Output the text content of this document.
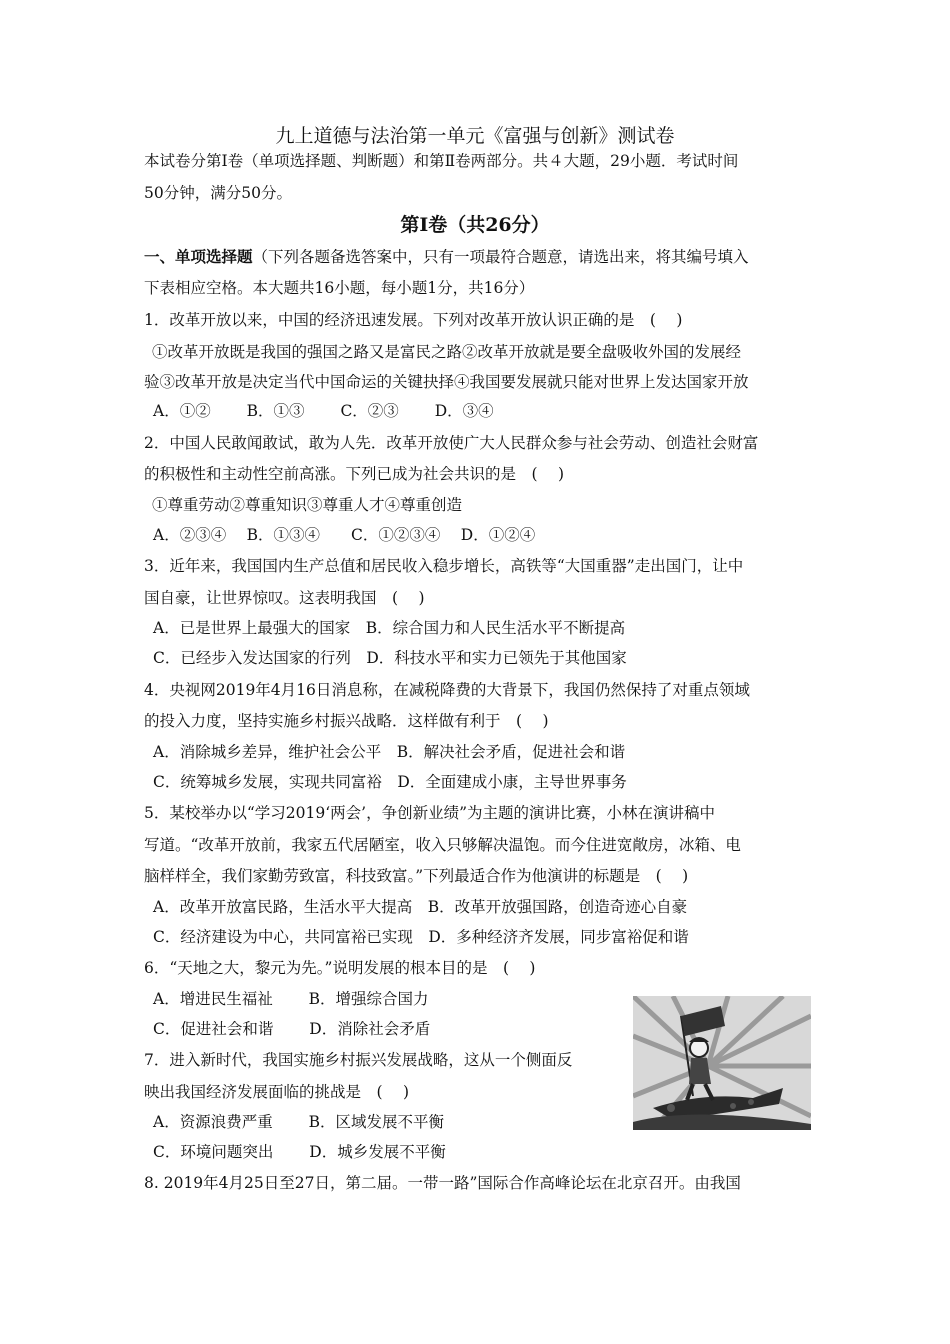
九上道德与法治第一单元《富强与创新》测试卷
本试卷分第Ⅰ卷（单项选择题、判断题）和第Ⅱ卷两部分。共４大题，29小题．考试时间
50分钟，满分50分。
第Ⅰ卷（共26分）
一、单项选择题（下列各题备选答案中，只有一项最符合题意，请选出来，将其编号填入
下表相应空格。本大题共16小题，每小题1分，共16分）
1．改革开放以来，中国的经济迅速发展。下列对改革开放认识正确的是　(　 )
①改革开放既是我国的强国之路又是富民之路②改革开放就是要全盘吸收外国的发展经
验③改革开放是决定当代中国命运的关键抉择④我国要发展就只能对世界上发达国家开放
A．①②　　 B．①③　　 C．②③　　 D．③④
2．中国人民敢闻敢试，敢为人先．改革开放使广大人民群众参与社会劳动、创造社会财富
的积极性和主动性空前高涨。下列已成为社会共识的是　(　 )
①尊重劳动②尊重知识③尊重人才④尊重创造
A．②③④　 B．①③④　　C．①②③④　 D．①②④
3．近年来，我国国内生产总值和居民收入稳步增长，高铁等“大国重器”走出国门，让中
国自豪，让世界惊叹。这表明我国　(　 )
A．已是世界上最强大的国家　B．综合国力和人民生活水平不断提高
C．已经步入发达国家的行列　D．科技水平和实力已领先于其他国家
4．央视网2019年4月16日消息称，在减税降费的大背景下，我国仍然保持了对重点领域
的投入力度，坚持实施乡村振兴战略．这样做有利于　(　 )
A．消除城乡差异，维护社会公平　B．解决社会矛盾，促进社会和谐
C．统筹城乡发展，实现共同富裕　D．全面建成小康，主导世界事务
5．某校举办以“学习2019‘两会’，争创新业绩”为主题的演讲比赛，小林在演讲稿中
写道。“改革开放前，我家五代居陋室，收入只够解决温饱。而今住进宽敞房，冰箱、电
脑样样全，我们家勤劳致富，科技致富。”下列最适合作为他演讲的标题是　(　 )
A．改革开放富民路，生活水平大提高　B．改革开放强国路，创造奇迹心自豪
C．经济建设为中心，共同富裕已实现　D．多种经济齐发展，同步富裕促和谐
6．“天地之大，黎元为先。”说明发展的根本目的是　(　 )
A．增进民生福祉　　 B．增强综合国力
C．促进社会和谐　　 D．消除社会矛盾
7．进入新时代，我国实施乡村振兴发展战略，这从一个侧面反
映出我国经济发展面临的挑战是　(　 )
A．资源浪费严重　　 B．区域发展不平衡
C．环境问题突出　　 D．城乡发展不平衡
8. 2019年4月25日至27日，第二届。一带一路”国际合作高峰论坛在北京召开。由我国
